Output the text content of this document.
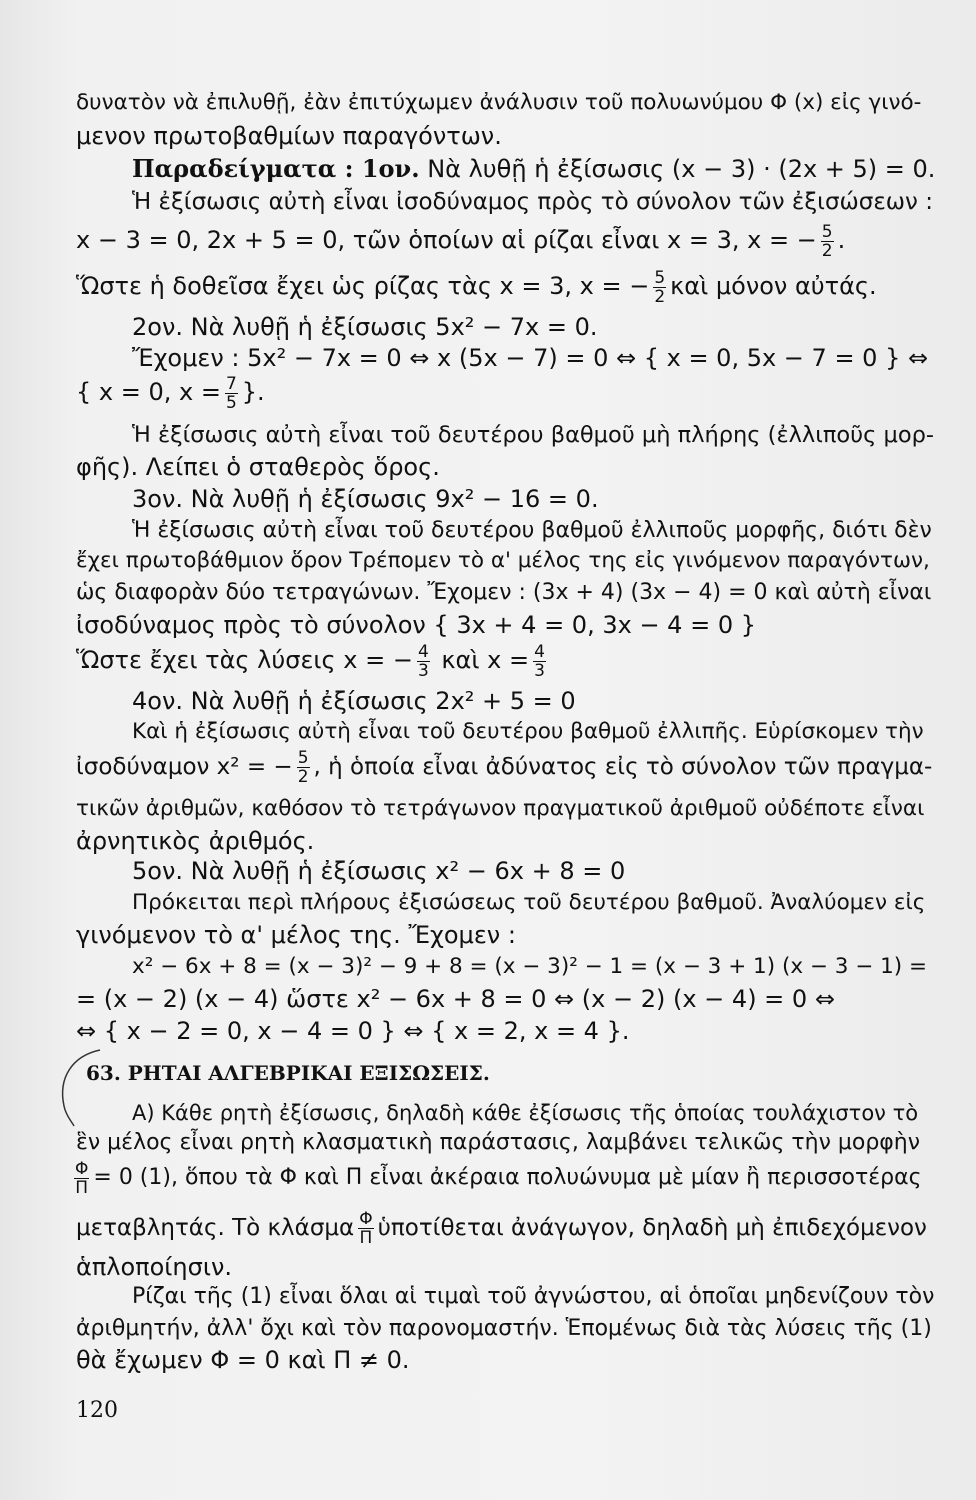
δυνατὸν νὰ ἐπιλυθῇ, ἐὰν ἐπιτύχωμεν ἀνάλυσιν τοῦ πολυωνύμου Φ (x) εἰς γινό-
μενον πρωτοβαθμίων παραγόντων.
Παραδείγματα : 1ον. Νὰ λυθῇ ἡ ἐξίσωσις (x − 3) · (2x + 5) = 0.
Ἡ ἐξίσωσις αὐτὴ εἶναι ἰσοδύναμος πρὸς τὸ σύνολον τῶν ἐξισώσεων :
x − 3 = 0, 2x + 5 = 0, τῶν ὁποίων αἱ ρίζαι εἶναι x = 3, x = − $\frac{5}{2}$ .
Ὥστε ἡ δοθεῖσα ἔχει ὡς ρίζας τὰς x = 3, x = − $\frac{5}{2}$ καὶ μόνον αὐτάς.
2ον. Νὰ λυθῇ ἡ ἐξίσωσις 5x² − 7x = 0.
Ἔχομεν : 5x² − 7x = 0 ⇔ x (5x − 7) = 0 ⇔ { x = 0, 5x − 7 = 0 } ⇔
{ x = 0, $x = \frac{7}{5}$ }.
Ἡ ἐξίσωσις αὐτὴ εἶναι τοῦ δευτέρου βαθμοῦ μὴ πλήρης (ἐλλιποῦς μορ-
φῆς). Λείπει ὁ σταθερὸς ὅρος.
3ον. Νὰ λυθῇ ἡ ἐξίσωσις 9x² − 16 = 0.
Ἡ ἐξίσωσις αὐτὴ εἶναι τοῦ δευτέρου βαθμοῦ ἐλλιποῦς μορφῆς, διότι δὲν
ἔχει πρωτοβάθμιον ὅρον Τρέπομεν τὸ α' μέλος της εἰς γινόμενον παραγόντων,
ὡς διαφορὰν δύο τετραγώνων. Ἔχομεν : (3x + 4) (3x − 4) = 0 καὶ αὐτὴ εἶναι
ἰσοδύναμος πρὸς τὸ σύνολον { 3x + 4 = 0, 3x − 4 = 0 }
Ὥστε ἔχει τὰς λύσεις x = − $\frac{4}{3}$ καὶ $x = \frac{4}{3}$
4ον. Νὰ λυθῇ ἡ ἐξίσωσις 2x² + 5 = 0
Καὶ ἡ ἐξίσωσις αὐτὴ εἶναι τοῦ δευτέρου βαθμοῦ ἐλλιπῆς. Εὑρίσκομεν τὴν
ἰσοδύναμον x² = − $\frac{5}{2}$ , ἡ ὁποία εἶναι ἀδύνατος εἰς τὸ σύνολον τῶν πραγμα-
τικῶν ἀριθμῶν, καθόσον τὸ τετράγωνον πραγματικοῦ ἀριθμοῦ οὐδέποτε εἶναι
ἀρνητικὸς ἀριθμός.
5ον. Νὰ λυθῇ ἡ ἐξίσωσις x² − 6x + 8 = 0
Πρόκειται περὶ πλήρους ἐξισώσεως τοῦ δευτέρου βαθμοῦ. Ἀναλύομεν εἰς
γινόμενον τὸ α' μέλος της. Ἔχομεν :
x² − 6x + 8 = (x − 3)² − 9 + 8 = (x − 3)² − 1 = (x − 3 + 1) (x − 3 − 1) =
= (x − 2) (x − 4) ὥστε x² − 6x + 8 = 0 ⇔ (x − 2) (x − 4) = 0 ⇔
⇔ { x − 2 = 0, x − 4 = 0 } ⇔ { x = 2, x = 4 }.
63. ΡΗΤΑΙ ΑΛΓΕΒΡΙΚΑΙ ΕΞΙΣΩΣΕΙΣ.
Α) Κάθε ρητὴ ἐξίσωσις, δηλαδὴ κάθε ἐξίσωσις τῆς ὁποίας τουλάχιστον τὸ
ἓν μέλος εἶναι ρητὴ κλασματικὴ παράστασις, λαμβάνει τελικῶς τὴν μορφὴν
$\frac{\Phi}{\Pi} = 0$ (1), ὅπου τὰ Φ καὶ Π εἶναι ἀκέραια πολυώνυμα μὲ μίαν ἢ περισσοτέρας
μεταβλητάς. Τὸ κλάσμα $\frac{\Phi}{\Pi}$ ὑποτίθεται ἀνάγωγον, δηλαδὴ μὴ ἐπιδεχόμενον
ἁπλοποίησιν.
Ρίζαι τῆς (1) εἶναι ὅλαι αἱ τιμαὶ τοῦ ἀγνώστου, αἱ ὁποῖαι μηδενίζουν τὸν
ἀριθμητήν, ἀλλ' ὄχι καὶ τὸν παρονομαστήν. Ἑπομένως διὰ τὰς λύσεις τῆς (1)
θὰ ἔχωμεν Φ = 0 καὶ Π ≠ 0.
120
